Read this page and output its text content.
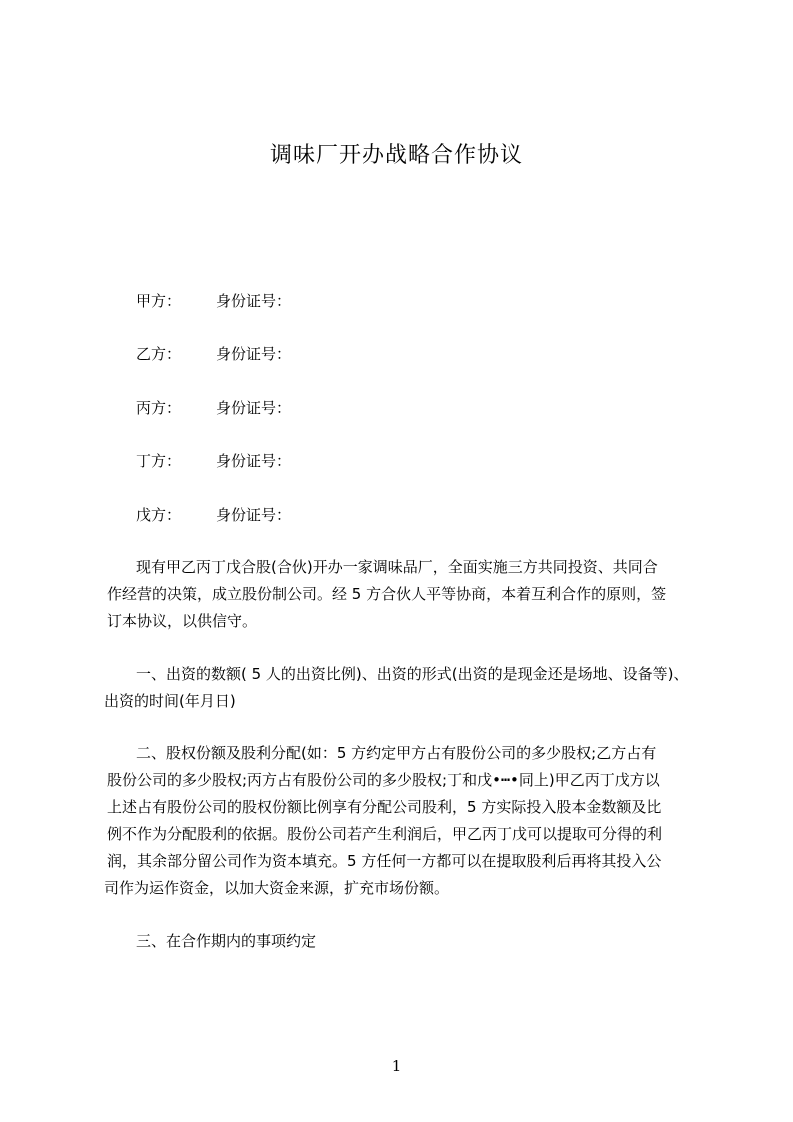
调味厂开办战略合作协议
甲方： 身份证号：
乙方： 身份证号：
丙方： 身份证号：
丁方： 身份证号：
戊方： 身份证号：
现有甲乙丙丁戊合股(合伙)开办一家调味品厂，全面实施三方共同投资、共同合
作经营的决策，成立股份制公司。经 5 方合伙人平等协商，本着互利合作的原则，签
订本协议，以供信守。
一、出资的数额( 5 人的出资比例)、出资的形式(出资的是现金还是场地、设备等)、
出资的时间(年月日)
二、股权份额及股利分配(如：5 方约定甲方占有股份公司的多少股权;乙方占有
股份公司的多少股权;丙方占有股份公司的多少股权;丁和戊•┅•同上)甲乙丙丁戊方以
上述占有股份公司的股权份额比例享有分配公司股利，5 方实际投入股本金数额及比
例不作为分配股利的依据。股份公司若产生利润后，甲乙丙丁戊可以提取可分得的利
润，其余部分留公司作为资本填充。5 方任何一方都可以在提取股利后再将其投入公
司作为运作资金，以加大资金来源，扩充市场份额。
三、在合作期内的事项约定
1
